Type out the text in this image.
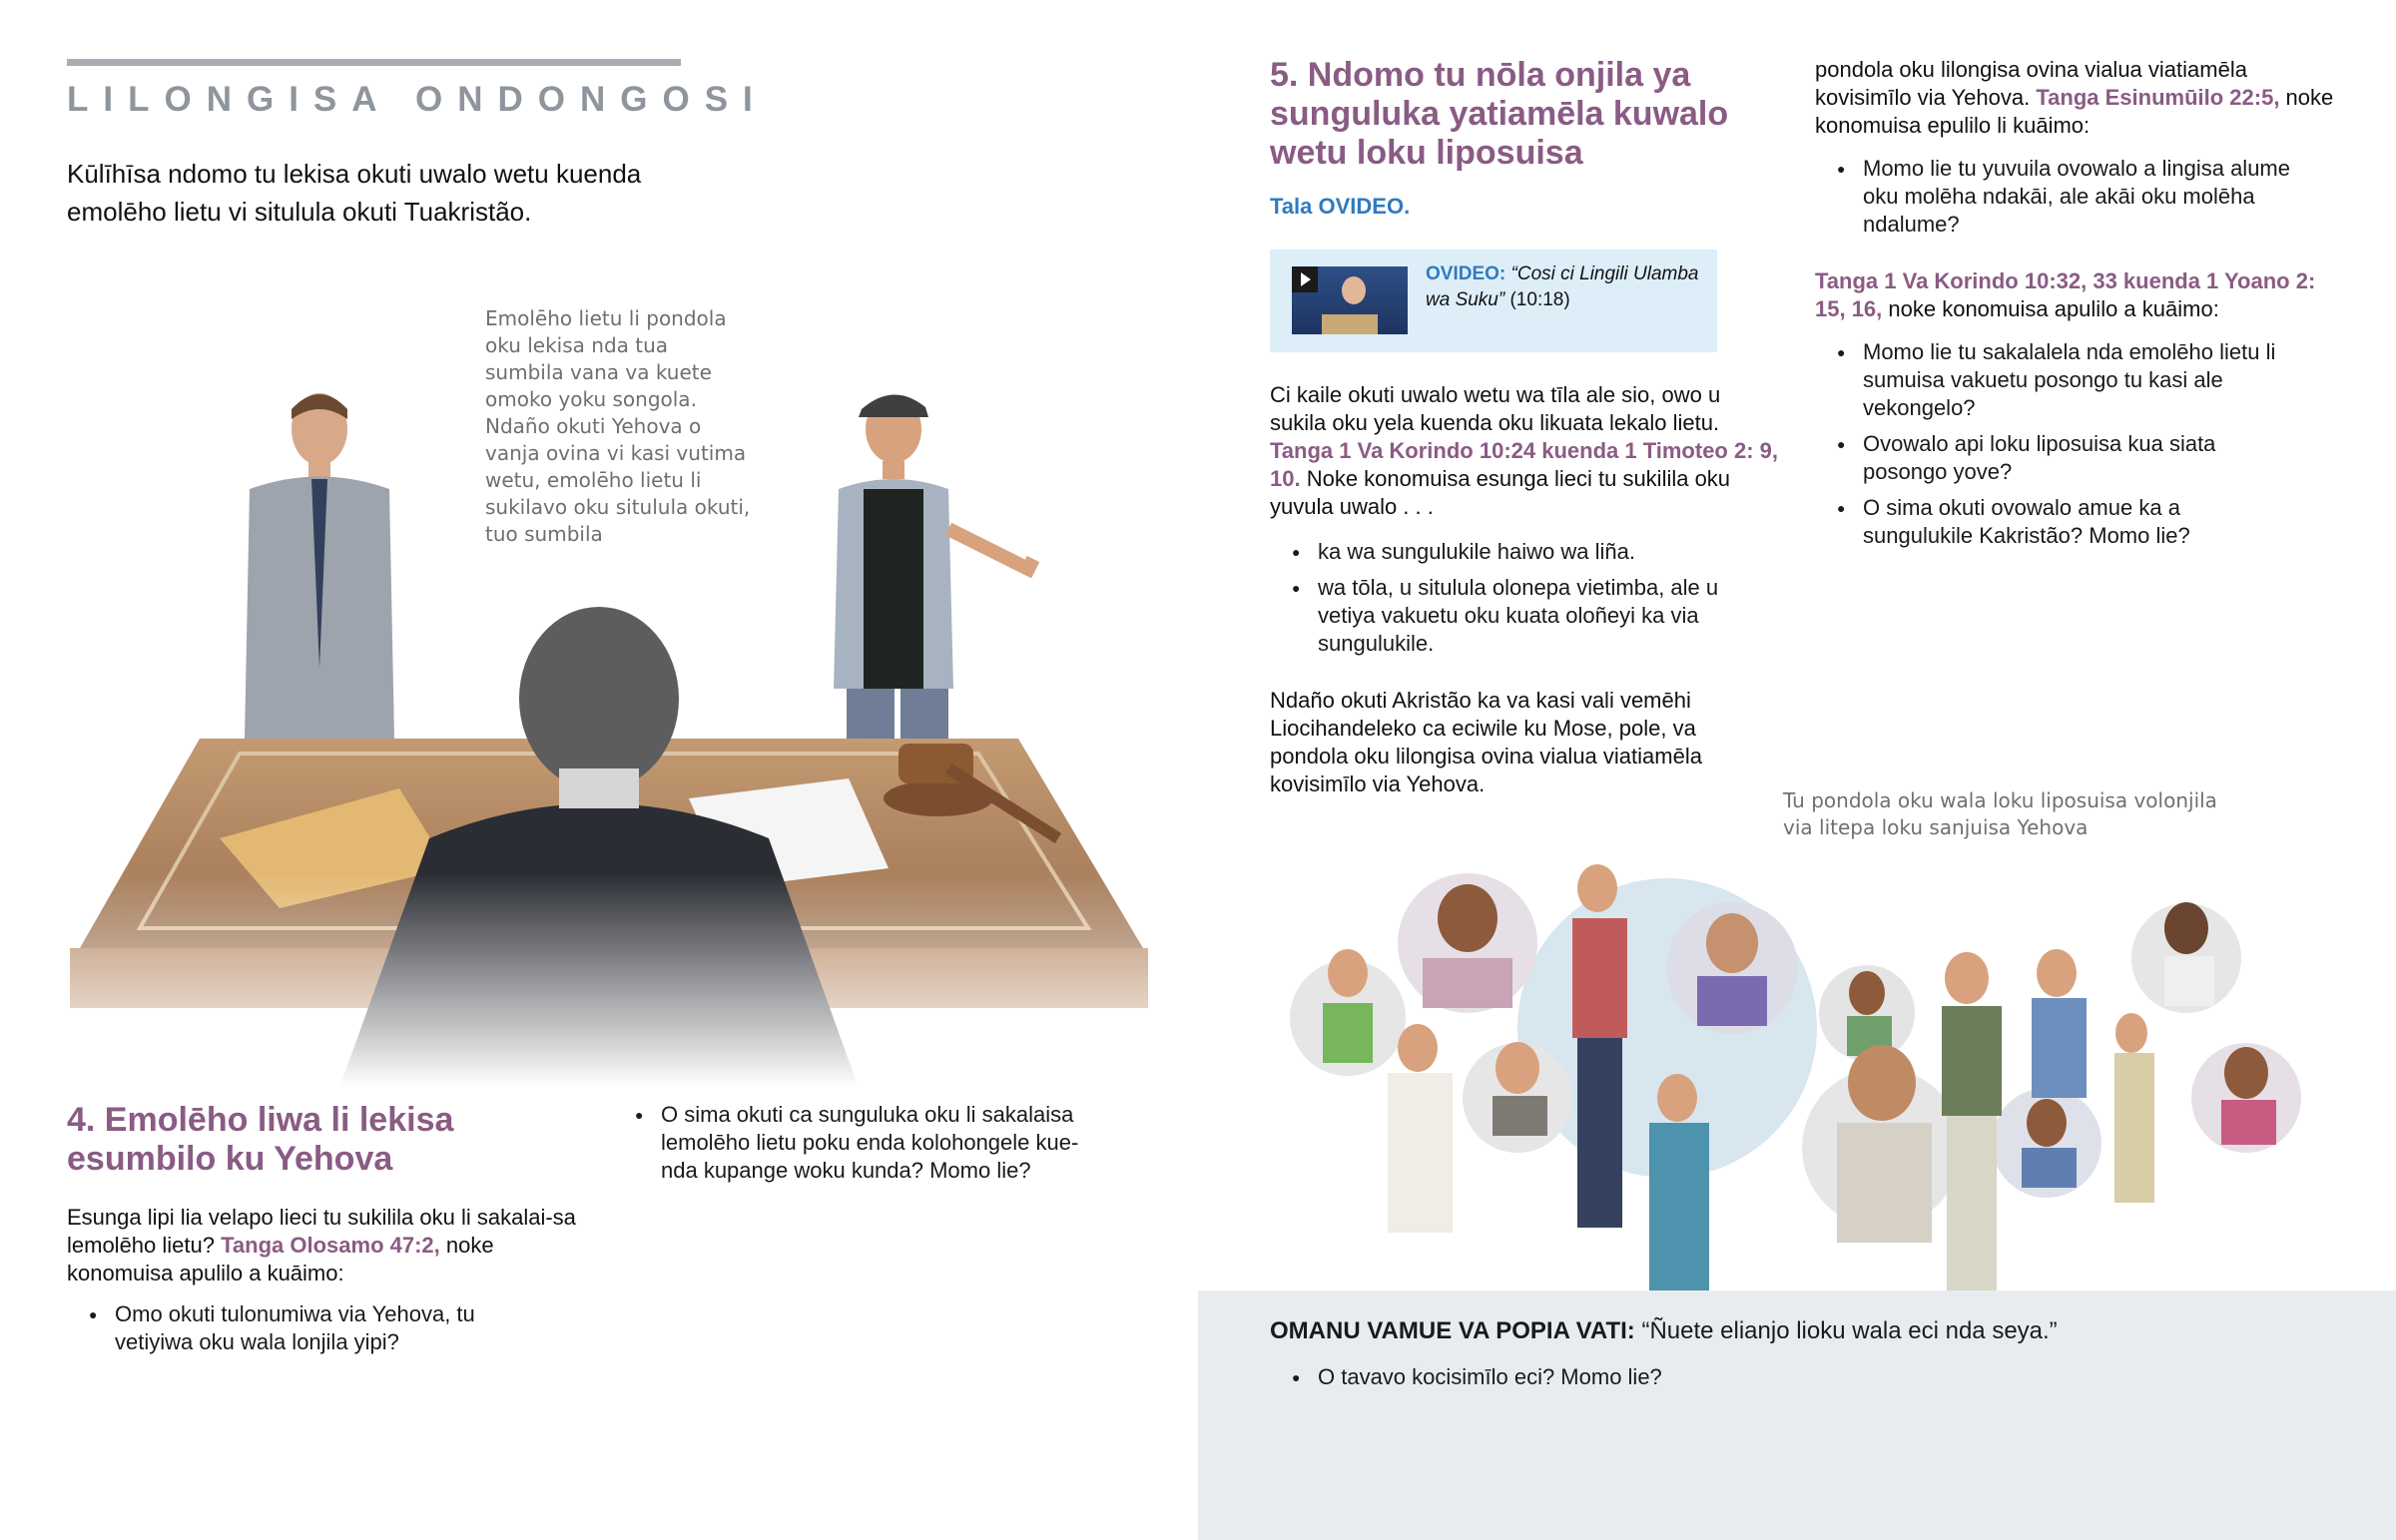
LILONGISA ONDONGOSI
Kūlīhīsa ndomo tu lekisa okuti uwalo wetu kuenda emolēho lietu vi situlula okuti Tuakristão.
Emolēho lietu li pondola oku lekisa nda tua
4. Emolēho liwa li lekisa esumbilo ku Yehova
Esunga lipi lia velapo lieci tu sukilila oku li sakalai-sa lemolēho lietu? Tanga Olosamo 47:2, noke konomuisa apulilo a kuāimo:
● Omo okuti tulonumiwa via Yehova, tu vetiyiwa oku wala lonjila yipi?
● O sima okuti ca sunguluka oku li sakalaisa lemolēho lietu poku enda kolohongele kue-nda kupange woku kunda? Momo lie?
5. Ndomo tu nōla onjila ya sunguluka yatiamēla kuwalo wetu loku liposuisa
Tala OVIDEO.
OVIDEO: “Cosi ci Lingili Ulamba wa Suku” (10:18)
Ci kaile okuti uwalo wetu wa tīla ale sio, owo u sukila oku yela kuenda oku likuata lekalo lietu. Tanga 1 Va Korindo 10:24 kuenda 1 Timoteo 2: 9, 10. Noke konomuisa esunga lieci tu sukilila oku yuvula uwalo . . .
● ka wa sungulukile haiwo wa liña.
● wa tōla, u situlula olonepa vietimba, ale u vetiya vakuetu oku kuata oloñeyi ka via sungulukile.
Ndaño okuti Akristão ka va kasi vali vemēhi Liocihandeleko ca eciwile ku Mose, pole, va pondola oku lilongisa ovina vialua viatiamēla kovisimīlo via Yehova.
pondola oku lilongisa ovina vialua viatiamēla kovisimīlo via Yehova. Tanga Esinumūilo 22:5, noke konomuisa epulilo li kuāimo:
● Momo lie tu yuvuila ovowalo a lingisa alume oku molēha ndakāi, ale akāi oku molēha ndalume?
Tanga 1 Va Korindo 10:32, 33 kuenda 1 Yoano 2: 15, 16, noke konomuisa apulilo a kuāimo:
● Momo lie tu sakalalela nda emolēho lietu li sumuisa vakuetu posongo tu kasi ale vekongelo?
● Ovowalo api loku liposuisa kua siata posongo yove?
● O sima okuti ovowalo amue ka a sungulukile Kakristão? Momo lie?
Tu pondola oku wala loku liposuisa volonjila via litepa loku sanjuisa Yehova
OMANU VAMUE VA POPIA VATI: “Ñuete elianjo lioku wala eci nda seya.”
● O tavavo kocisimīlo eci? Momo lie?
